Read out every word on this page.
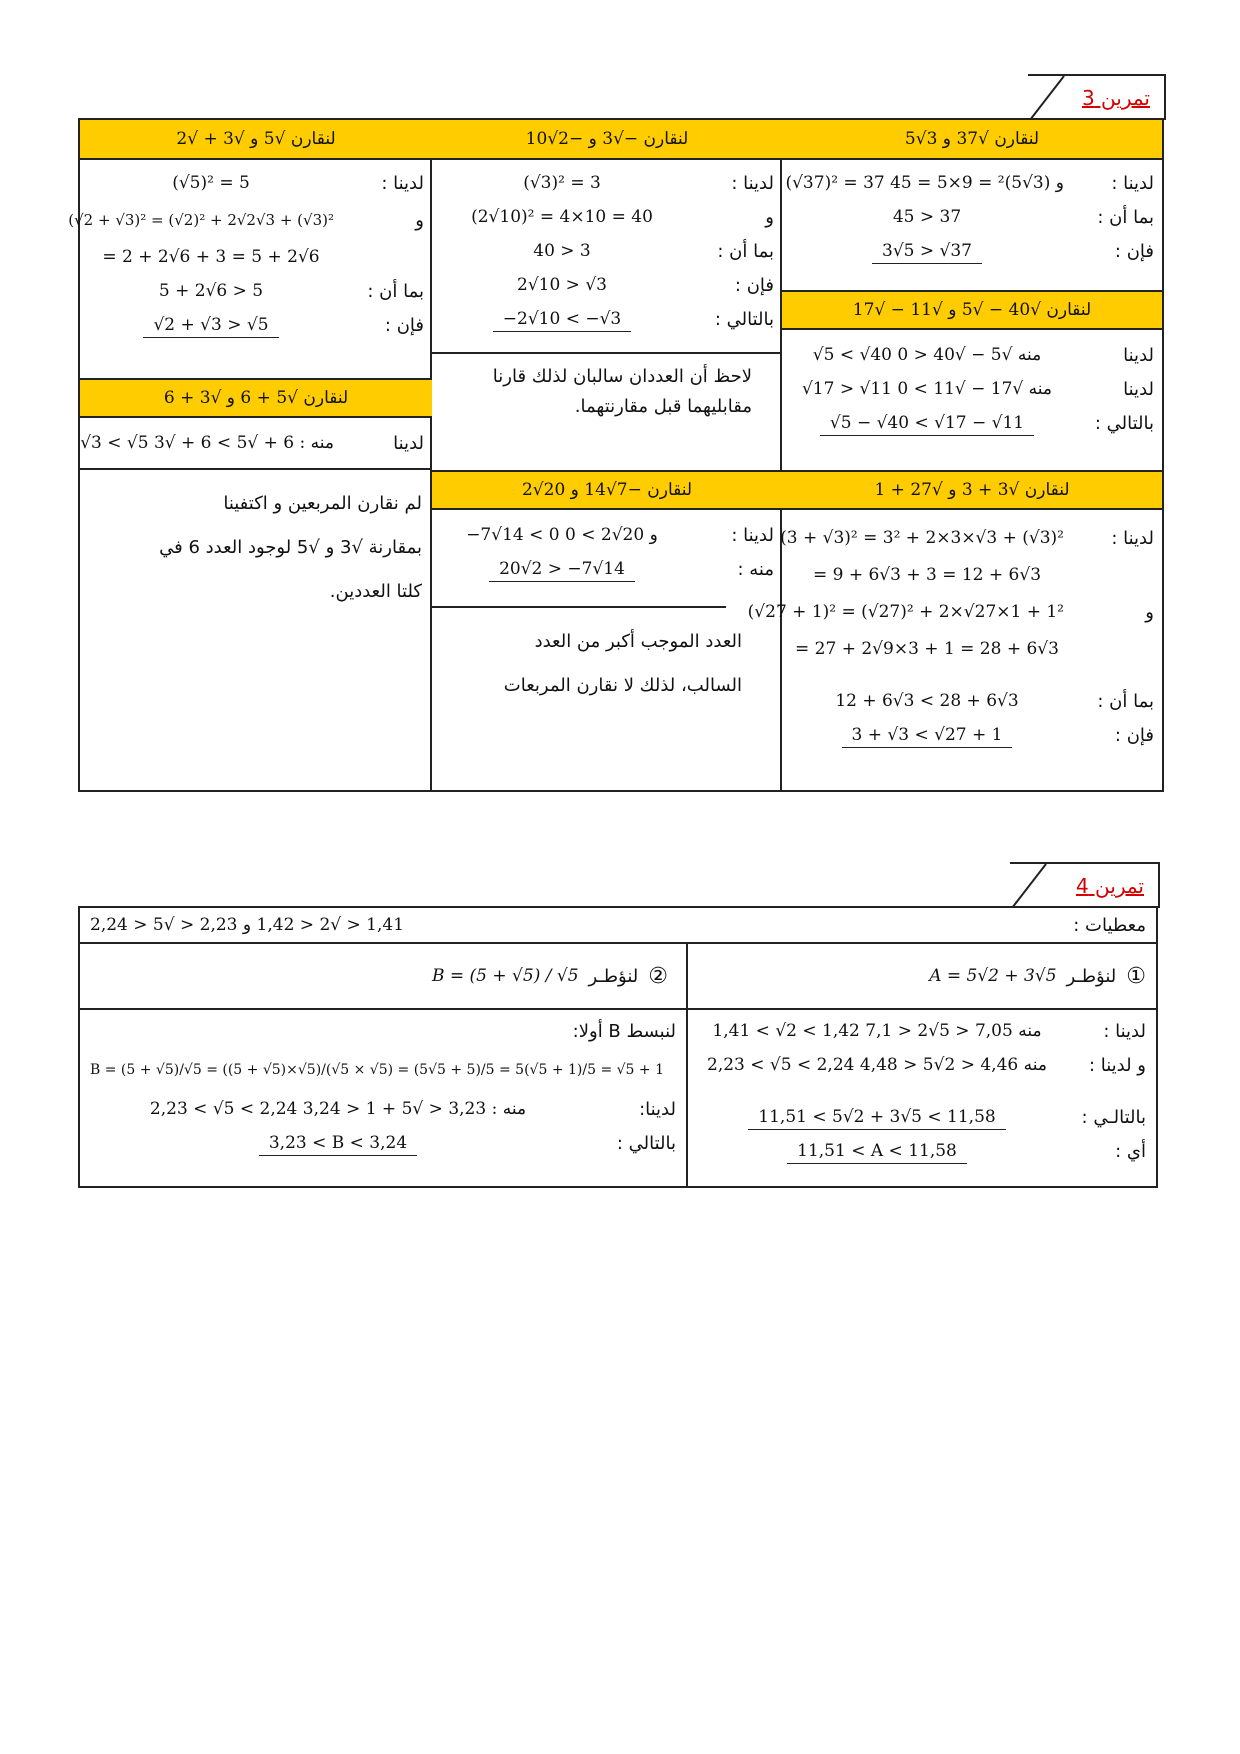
تمرين 3
لنقارن √37 و 3√5
لدينا :
(√37)² = 37 و (3√5)² = 9×5 = 45
بما أن :
45 > 37
فإن :
3√5 > √37
لنقارن √40 − √5 و √11 − √17
لدينا
√5 < √40 منه √5 − √40 < 0
لدينا
√17 > √11 منه √17 − √11 > 0
بالتالي :
√5 − √40 < √17 − √11
لنقارن √3 + 3 و √27 + 1
لدينا :
(3 + √3)² = 3² + 2×3×√3 + (√3)²
= 9 + 6√3 + 3 = 12 + 6√3
و
(√27 + 1)² = (√27)² + 2×√27×1 + 1²
= 27 + 2√9×3 + 1 = 28 + 6√3
بما أن :
12 + 6√3 < 28 + 6√3
فإن :
3 + √3 < √27 + 1
لنقارن −√3 و −2√10
لدينا :
(√3)² = 3
و
(2√10)² = 4×10 = 40
بما أن :
40 > 3
فإن :
2√10 > √3
بالتالي :
−2√10 < −√3
لاحظ أن العددان سالبان لذلك قارنا مقابليهما قبل مقارنتهما.
لنقارن −7√14 و 20√2
لدينا :
−7√14 < 0 و 20√2 > 0
منه :
20√2 > −7√14
العدد الموجب أكبر من العدد
السالب، لذلك لا نقارن المربعات
لنقارن √5 و √3 + √2
لدينا :
(√5)² = 5
و
(√2 + √3)² = (√2)² + 2√2√3 + (√3)²
= 2 + 2√6 + 3 = 5 + 2√6
بما أن :
5 + 2√6 > 5
فإن :
√2 + √3 > √5
لنقارن √5 + 6 و √3 + 6
لدينا
√3 < √5 منه : 6 + √5 > 6 + √3
لم نقارن المربعين و اكتفينا
بمقارنة √3 و √5 لوجود العدد 6 في
كلتا العددين.
تمرين 4
معطيات :
1,41 < √2 < 1,42 و 2,23 < √5 < 2,24
①
لنؤطـر
A = 5√2 + 3√5
②
لنؤطـر
B = (5 + √5) / √5
لدينا :
1,41 < √2 < 1,42 منه 7,05 < 5√2 < 7,1
و لدينا :
2,23 < √5 < 2,24 منه 4,46 < 2√5 < 4,48
بالتالـي :
11,51 < 5√2 + 3√5 < 11,58
أي :
11,51 < A < 11,58
لنبسط B أولا:
B = (5 + √5)/√5 = ((5 + √5)×√5)/(√5 × √5) = (5√5 + 5)/5 = 5(√5 + 1)/5 = √5 + 1
لدينا:
2,23 < √5 < 2,24 منه : 3,23 < √5 + 1 < 3,24
بالتالي :
3,23 < B < 3,24
